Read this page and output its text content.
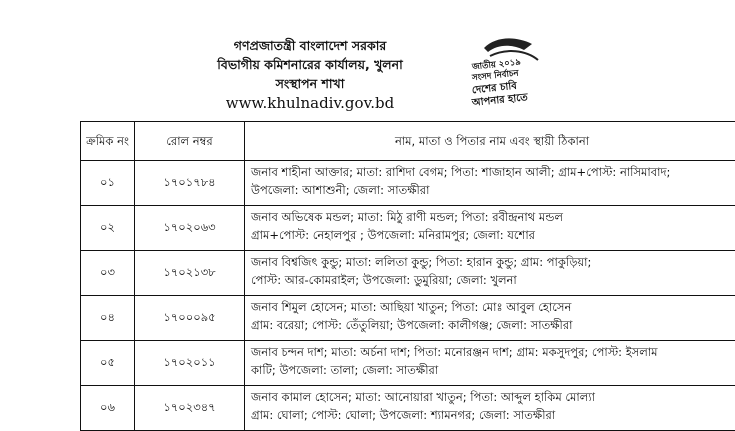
গণপ্রজাতন্ত্রী বাংলাদেশ সরকার
বিভাগীয় কমিশনারের কার্যালয়, খুলনা
সংস্থাপন শাখা
www.khulnadiv.gov.bd
জাতীয় ২০১৯
সংসদ নির্বাচন
দেশের চাবি
আপনার হাতে
ক্রমিক নং	রোল নম্বর	নাম, মাতা ও পিতার নাম এবং স্থায়ী ঠিকানা
০১	১৭০১৭৮৪	জনাব শাহীনা আক্তার; মাতা: রাশিদা বেগম; পিতা: শাজাহান আলী; গ্রাম+পোস্ট: নাসিমাবাদ;
উপজেলা: আশাশুনী; জেলা: সাতক্ষীরা

০২	১৭০২০৬৩	জনাব অভিষেক মন্ডল; মাতা: মিঠু রাণী মন্ডল; পিতা: রবীন্দ্রনাথ মন্ডল
গ্রাম+পোস্ট: নেহালপুর ; উপজেলা: মনিরামপুর; জেলা: যশোর

০৩	১৭০২১৩৮	জনাব বিশ্বজিৎ কুন্ডু; মাতা: ললিতা কুন্ডু; পিতা: হারান কুন্ডু; গ্রাম: পাকুড়িয়া;
পোস্ট: আর-কোমরাইল; উপজেলা: ডুমুরিয়া; জেলা: খুলনা

০৪	১৭০০০৯৫	জনাব শিমুল হোসেন; মাতা: আছিয়া খাতুন; পিতা: মোঃ আবুল হোসেন
গ্রাম: বরেয়া; পোস্ট: তেঁতুলিয়া; উপজেলা: কালীগঞ্জ; জেলা: সাতক্ষীরা

০৫	১৭০২০১১	জনাব চন্দন দাশ; মাতা: অর্চনা দাশ; পিতা: মনোরঞ্জন দাশ; গ্রাম: মকসুদপুর; পোস্ট: ইসলাম
কাটি; উপজেলা: তালা; জেলা: সাতক্ষীরা

০৬	১৭০২৩৪৭	জনাব কামাল হোসেন; মাতা: আনোয়ারা খাতুন; পিতা: আব্দুল হাকিম মোল্যা
গ্রাম: ঘোলা; পোস্ট: ঘোলা; উপজেলা: শ্যামনগর; জেলা: সাতক্ষীরা
